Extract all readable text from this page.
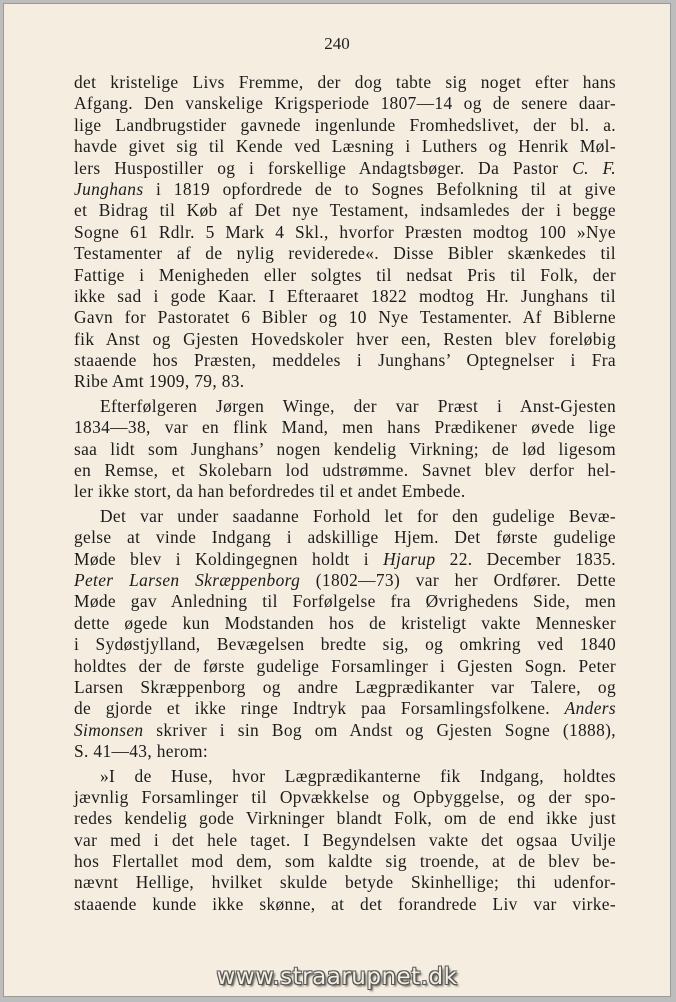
240
det kristelige Livs Fremme, der dog tabte sig noget efter hans
Afgang. Den vanskelige Krigsperiode 1807—14 og de senere daar-
lige Landbrugstider gavnede ingenlunde Fromhedslivet, der bl. a.
havde givet sig til Kende ved Læsning i Luthers og Henrik Møl-
lers Huspostiller og i forskellige Andagtsbøger. Da Pastor C. F.
Junghans i 1819 opfordrede de to Sognes Befolkning til at give
et Bidrag til Køb af Det nye Testament, indsamledes der i begge
Sogne 61 Rdlr. 5 Mark 4 Skl., hvorfor Præsten modtog 100 »Nye
Testamenter af de nylig reviderede«. Disse Bibler skænkedes til
Fattige i Menigheden eller solgtes til nedsat Pris til Folk, der
ikke sad i gode Kaar. I Efteraaret 1822 modtog Hr. Junghans til
Gavn for Pastoratet 6 Bibler og 10 Nye Testamenter. Af Biblerne
fik Anst og Gjesten Hovedskoler hver een, Resten blev foreløbig
staaende hos Præsten, meddeles i Junghans’ Optegnelser i Fra
Ribe Amt 1909, 79, 83.
Efterfølgeren Jørgen Winge, der var Præst i Anst-Gjesten
1834—38, var en flink Mand, men hans Prædikener øvede lige
saa lidt som Junghans’ nogen kendelig Virkning; de lød ligesom
en Remse, et Skolebarn lod udstrømme. Savnet blev derfor hel-
ler ikke stort, da han befordredes til et andet Embede.
Det var under saadanne Forhold let for den gudelige Bevæ-
gelse at vinde Indgang i adskillige Hjem. Det første gudelige
Møde blev i Koldingegnen holdt i Hjarup 22. December 1835.
Peter Larsen Skræppenborg (1802—73) var her Ordfører. Dette
Møde gav Anledning til Forfølgelse fra Øvrighedens Side, men
dette øgede kun Modstanden hos de kristeligt vakte Mennesker
i Sydøstjylland, Bevægelsen bredte sig, og omkring ved 1840
holdtes der de første gudelige Forsamlinger i Gjesten Sogn. Peter
Larsen Skræppenborg og andre Lægprædikanter var Talere, og
de gjorde et ikke ringe Indtryk paa Forsamlingsfolkene. Anders
Simonsen skriver i sin Bog om Andst og Gjesten Sogne (1888),
S. 41—43, herom:
»I de Huse, hvor Lægprædikanterne fik Indgang, holdtes
jævnlig Forsamlinger til Opvækkelse og Opbyggelse, og der spo-
redes kendelig gode Virkninger blandt Folk, om de end ikke just
var med i det hele taget. I Begyndelsen vakte det ogsaa Uvilje
hos Flertallet mod dem, som kaldte sig troende, at de blev be-
nævnt Hellige, hvilket skulde betyde Skinhellige; thi udenfor-
staaende kunde ikke skønne, at det forandrede Liv var virke-
www.straarupnet.dk
